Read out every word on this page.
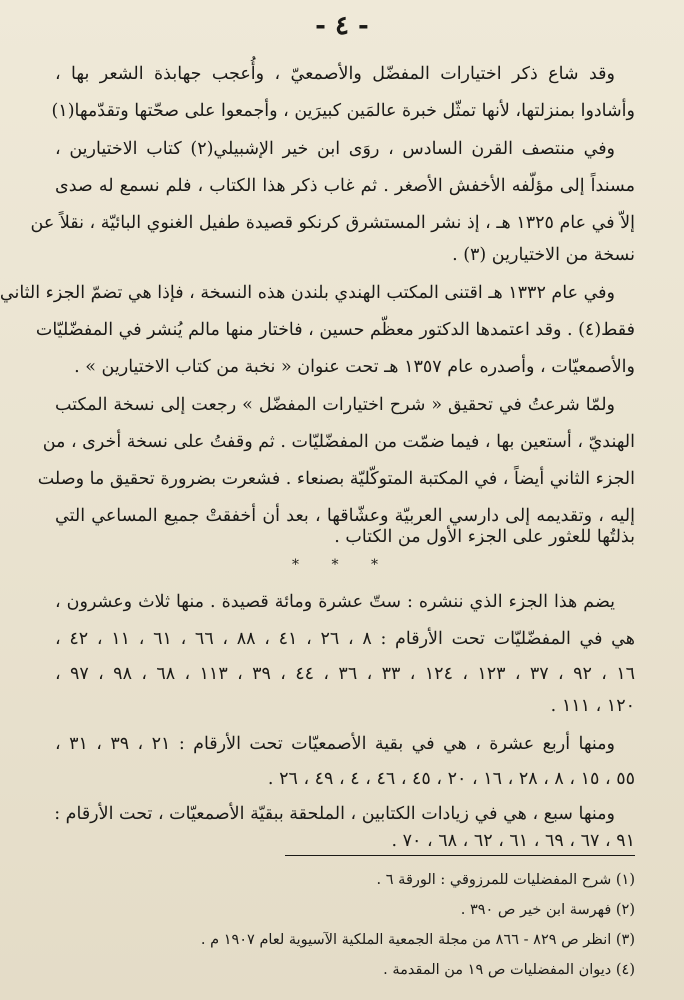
- ٤ -
وقد شاع ذكر اختيارات المفضّل والأصمعيّ ، وأُعجب جهابذة الشعر بها ،
وأشادوا بمنزلتها، لأنها تمثّل خبرة عالمَين كبيرَين ، وأجمعوا على صحّتها وتقدّمها(١)
وفي منتصف القرن السادس ، روَى ابن خير الإشبيلي(٢) كتاب الاختيارين ،
مسنداً إلى مؤلّفه الأخفش الأصغر . ثم غاب ذكر هذا الكتاب ، فلم نسمع له صدى
إلاّ في عام ١٣٢٥ هـ ، إذ نشر المستشرق كرنكو قصيدة طفيل الغنوي البائيّة ، نقلاً عن
نسخة من الاختيارين (٣) .
وفي عام ١٣٣٢ هـ اقتنى المكتب الهندي بلندن هذه النسخة ، فإذا هي تضمّ الجزء الثاني
فقط(٤) . وقد اعتمدها الدكتور معظّم حسين ، فاختار منها مالم يُنشر في المفضّليّات
والأصمعيّات ، وأصدره عام ١٣٥٧ هـ تحت عنوان « نخبة من كتاب الاختيارين » .
ولمّا شرعتُ في تحقيق « شرح اختيارات المفضّل » رجعت إلى نسخة المكتب
الهنديّ ، أستعين بها ، فيما ضمّت من المفضّليّات . ثم وقفتُ على نسخة أخرى ، من
الجزء الثاني أيضاً ، في المكتبة المتوكّليّة بصنعاء . فشعرت بضرورة تحقيق ما وصلت
إليه ، وتقديمه إلى دارسي العربيّة وعشّاقها ، بعد أن أخفقتْ جميع المساعي التي
بذلتُها للعثور على الجزء الأول من الكتاب .
* * *
يضم هذا الجزء الذي ننشره : ستّ عشرة ومائة قصيدة . منها ثلاث وعشرون ،
هي في المفضّليّات تحت الأرقام : ٨ ، ٢٦ ، ٤١ ، ٨٨ ، ٦٦ ، ٦١ ، ١١ ، ٤٢ ،
١٦ ، ٩٢ ، ٣٧ ، ١٢٣ ، ١٢٤ ، ٣٣ ، ٣٦ ، ٤٤ ، ٣٩ ، ١١٣ ، ٦٨ ، ٩٨ ، ٩٧ ،
١٢٠ ، ١١١ .
ومنها أربع عشرة ، هي في بقية الأصمعيّات تحت الأرقام : ٢١ ، ٣٩ ، ٣١ ،
٥٥ ، ١٥ ، ٨ ، ٢٨ ، ١٦ ، ٢٠ ، ٤٥ ، ٤٦ ، ٤ ، ٤٩ ، ٢٦ .
ومنها سبع ، هي في زيادات الكتابين ، الملحقة ببقيّة الأصمعيّات ، تحت الأرقام :
٩١ ، ٦٧ ، ٦٩ ، ٦١ ، ٦٢ ، ٦٨ ، ٧٠ .
(١) شرح المفضليات للمرزوقي : الورقة ٦ .
(٢) فهرسة ابن خير ص ٣٩٠ .
(٣) انظر ص ٨٢٩ - ٨٦٦ من مجلة الجمعية الملكية الآسيوية لعام ١٩٠٧ م .
(٤) ديوان المفضليات ص ١٩ من المقدمة .
